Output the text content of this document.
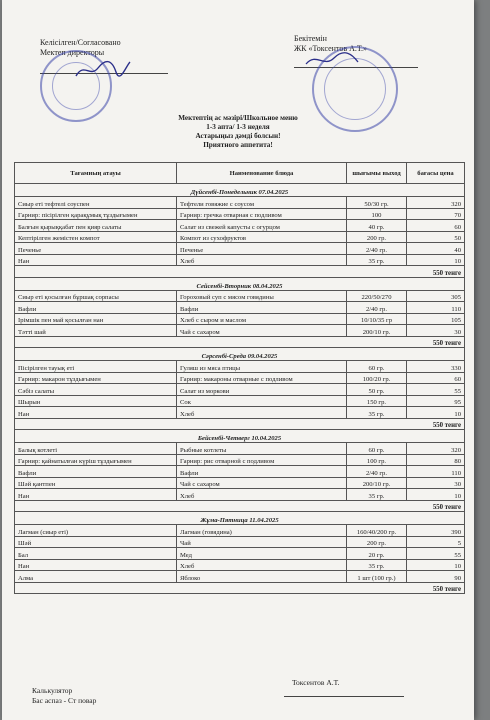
Келісілген/Согласовано
Мектеп директоры
Бекітемін
ЖК «Токсентов А.Т.»
Мектептің ас мәзірі/Школьное меню
1-3 апта/ 1-3 неделя
Астарыңыз дәмді болсын!
Приятного аппетита!
Тағамның атауы	Наименование блюда	шығымы выход	бағасы цена
Дүйсенбі-Понедельник 07.04.2025			
Сиыр еті тефтелі соуспен	Тефтели говяжие с соусом	50/30 гр.	320
Гарнир: пісірілген қарақұмық тұздығымен	Гарнир: гречка отварная с подливом	100	70
Балғын қырыққабат пен қияр салаты	Салат из свежей капусты с огурцом	40 гр.	60
Кептірілген жемістен компот	Компот из сухофруктов	200 гр.	50
Печенье	Печенье	2/40 гр.	40
Нан	Хлеб	35 гр.	10
550 тенге			
Сейсенбі-Вторник 08.04.2025			
Сиыр еті қосылған бұршақ сорпасы	Гороховый суп с мясом говядины	220/50/270	305
Вафли	Вафли	2/40 гр.	110
Ірімшік пен май қосылған нан	Хлеб с сыром и маслом	10/10/35 гр	105
Тәтті шай	Чай с сахаром	200/10 гр.	30
550 тенге			
Сәрсенбі-Среда 09.04.2025			
Пісірілген тауық еті	Гуляш из мяса птицы	60 гр.	330
Гарнир: макарон тұздығымен	Гарнир: макароны отварные с подливом	100/20 гр.	60
Сәбіз салаты	Салат из моркови	50 гр.	55
Шырын	Сок	150 гр.	95
Нан	Хлеб	35 гр.	10
550 тенге			
Бейсенбі-Четверг 10.04.2025			
Балық котлеті	Рыбные котлеты	60 гр.	320
Гарнир: қайнатылған күріш тұздығымен	Гарнир: рис отварной с подливом	100 гр.	80
Вафли	Вафли	2/40 гр.	110
Шәй қантпен	Чай с сахаром	200/10 гр.	30
Нан	Хлеб	35 гр.	10
550 тенге			
Жұма-Пятница 11.04.2025			
Лагман (сиыр еті)	Лагман (говядина)	160/40/200 гр.	390
Шәй	Чай	200 гр.	5
Бал	Мед	20 гр.	55
Нан	Хлеб	35 гр.	10
Алма	Яблоко	1 шт (100 гр.)	90
550 тенге			
Калькулятор
Бас аспаз - Ст повар
Токсентов А.Т.
